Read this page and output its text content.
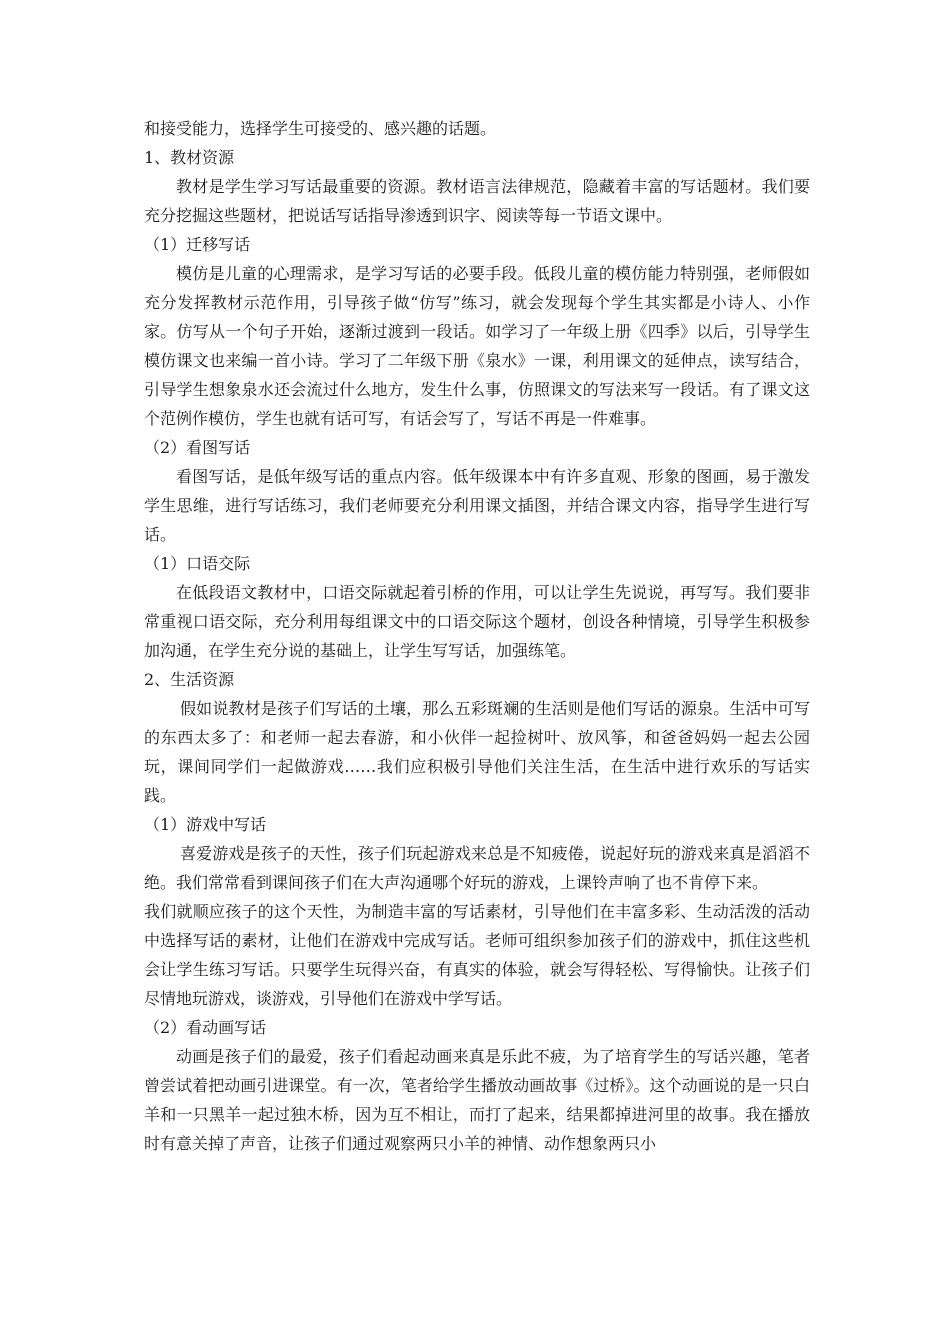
和接受能力，选择学生可接受的、感兴趣的话题。

1、教材资源

教材是学生学习写话最重要的资源。教材语言法律规范，隐藏着丰富的写话题材。我们要充分挖掘这些题材，把说话写话指导渗透到识字、阅读等每一节语文课中。

（1）迁移写话

模仿是儿童的心理需求，是学习写话的必要手段。低段儿童的模仿能力特别强，老师假如充分发挥教材示范作用，引导孩子做“仿写”练习，就会发现每个学生其实都是小诗人、小作家。仿写从一个句子开始，逐渐过渡到一段话。如学习了一年级上册《四季》以后，引导学生模仿课文也来编一首小诗。学习了二年级下册《泉水》一课，利用课文的延伸点，读写结合，引导学生想象泉水还会流过什么地方，发生什么事，仿照课文的写法来写一段话。有了课文这个范例作模仿，学生也就有话可写，有话会写了，写话不再是一件难事。

（2）看图写话

看图写话，是低年级写话的重点内容。低年级课本中有许多直观、形象的图画，易于激发学生思维，进行写话练习，我们老师要充分利用课文插图，并结合课文内容，指导学生进行写话。

（1）口语交际

在低段语文教材中，口语交际就起着引桥的作用，可以让学生先说说，再写写。我们要非常重视口语交际，充分利用每组课文中的口语交际这个题材，创设各种情境，引导学生积极参加沟通，在学生充分说的基础上，让学生写写话，加强练笔。

2、生活资源

假如说教材是孩子们写话的土壤，那么五彩斑斓的生活则是他们写话的源泉。生活中可写的东西太多了：和老师一起去春游，和小伙伴一起捡树叶、放风筝，和爸爸妈妈一起去公园玩，课间同学们一起做游戏……我们应积极引导他们关注生活，在生活中进行欢乐的写话实践。

（1）游戏中写话

喜爱游戏是孩子的天性，孩子们玩起游戏来总是不知疲倦，说起好玩的游戏来真是滔滔不绝。我们常常看到课间孩子们在大声沟通哪个好玩的游戏，上课铃声响了也不肯停下来。

我们就顺应孩子的这个天性，为制造丰富的写话素材，引导他们在丰富多彩、生动活泼的活动中选择写话的素材，让他们在游戏中完成写话。老师可组织参加孩子们的游戏中，抓住这些机会让学生练习写话。只要学生玩得兴奋，有真实的体验，就会写得轻松、写得愉快。让孩子们尽情地玩游戏，谈游戏，引导他们在游戏中学写话。

（2）看动画写话

动画是孩子们的最爱，孩子们看起动画来真是乐此不疲，为了培育学生的写话兴趣，笔者曾尝试着把动画引进课堂。有一次，笔者给学生播放动画故事《过桥》。这个动画说的是一只白羊和一只黑羊一起过独木桥，因为互不相让，而打了起来，结果都掉进河里的故事。我在播放时有意关掉了声音，让孩子们通过观察两只小羊的神情、动作想象两只小
